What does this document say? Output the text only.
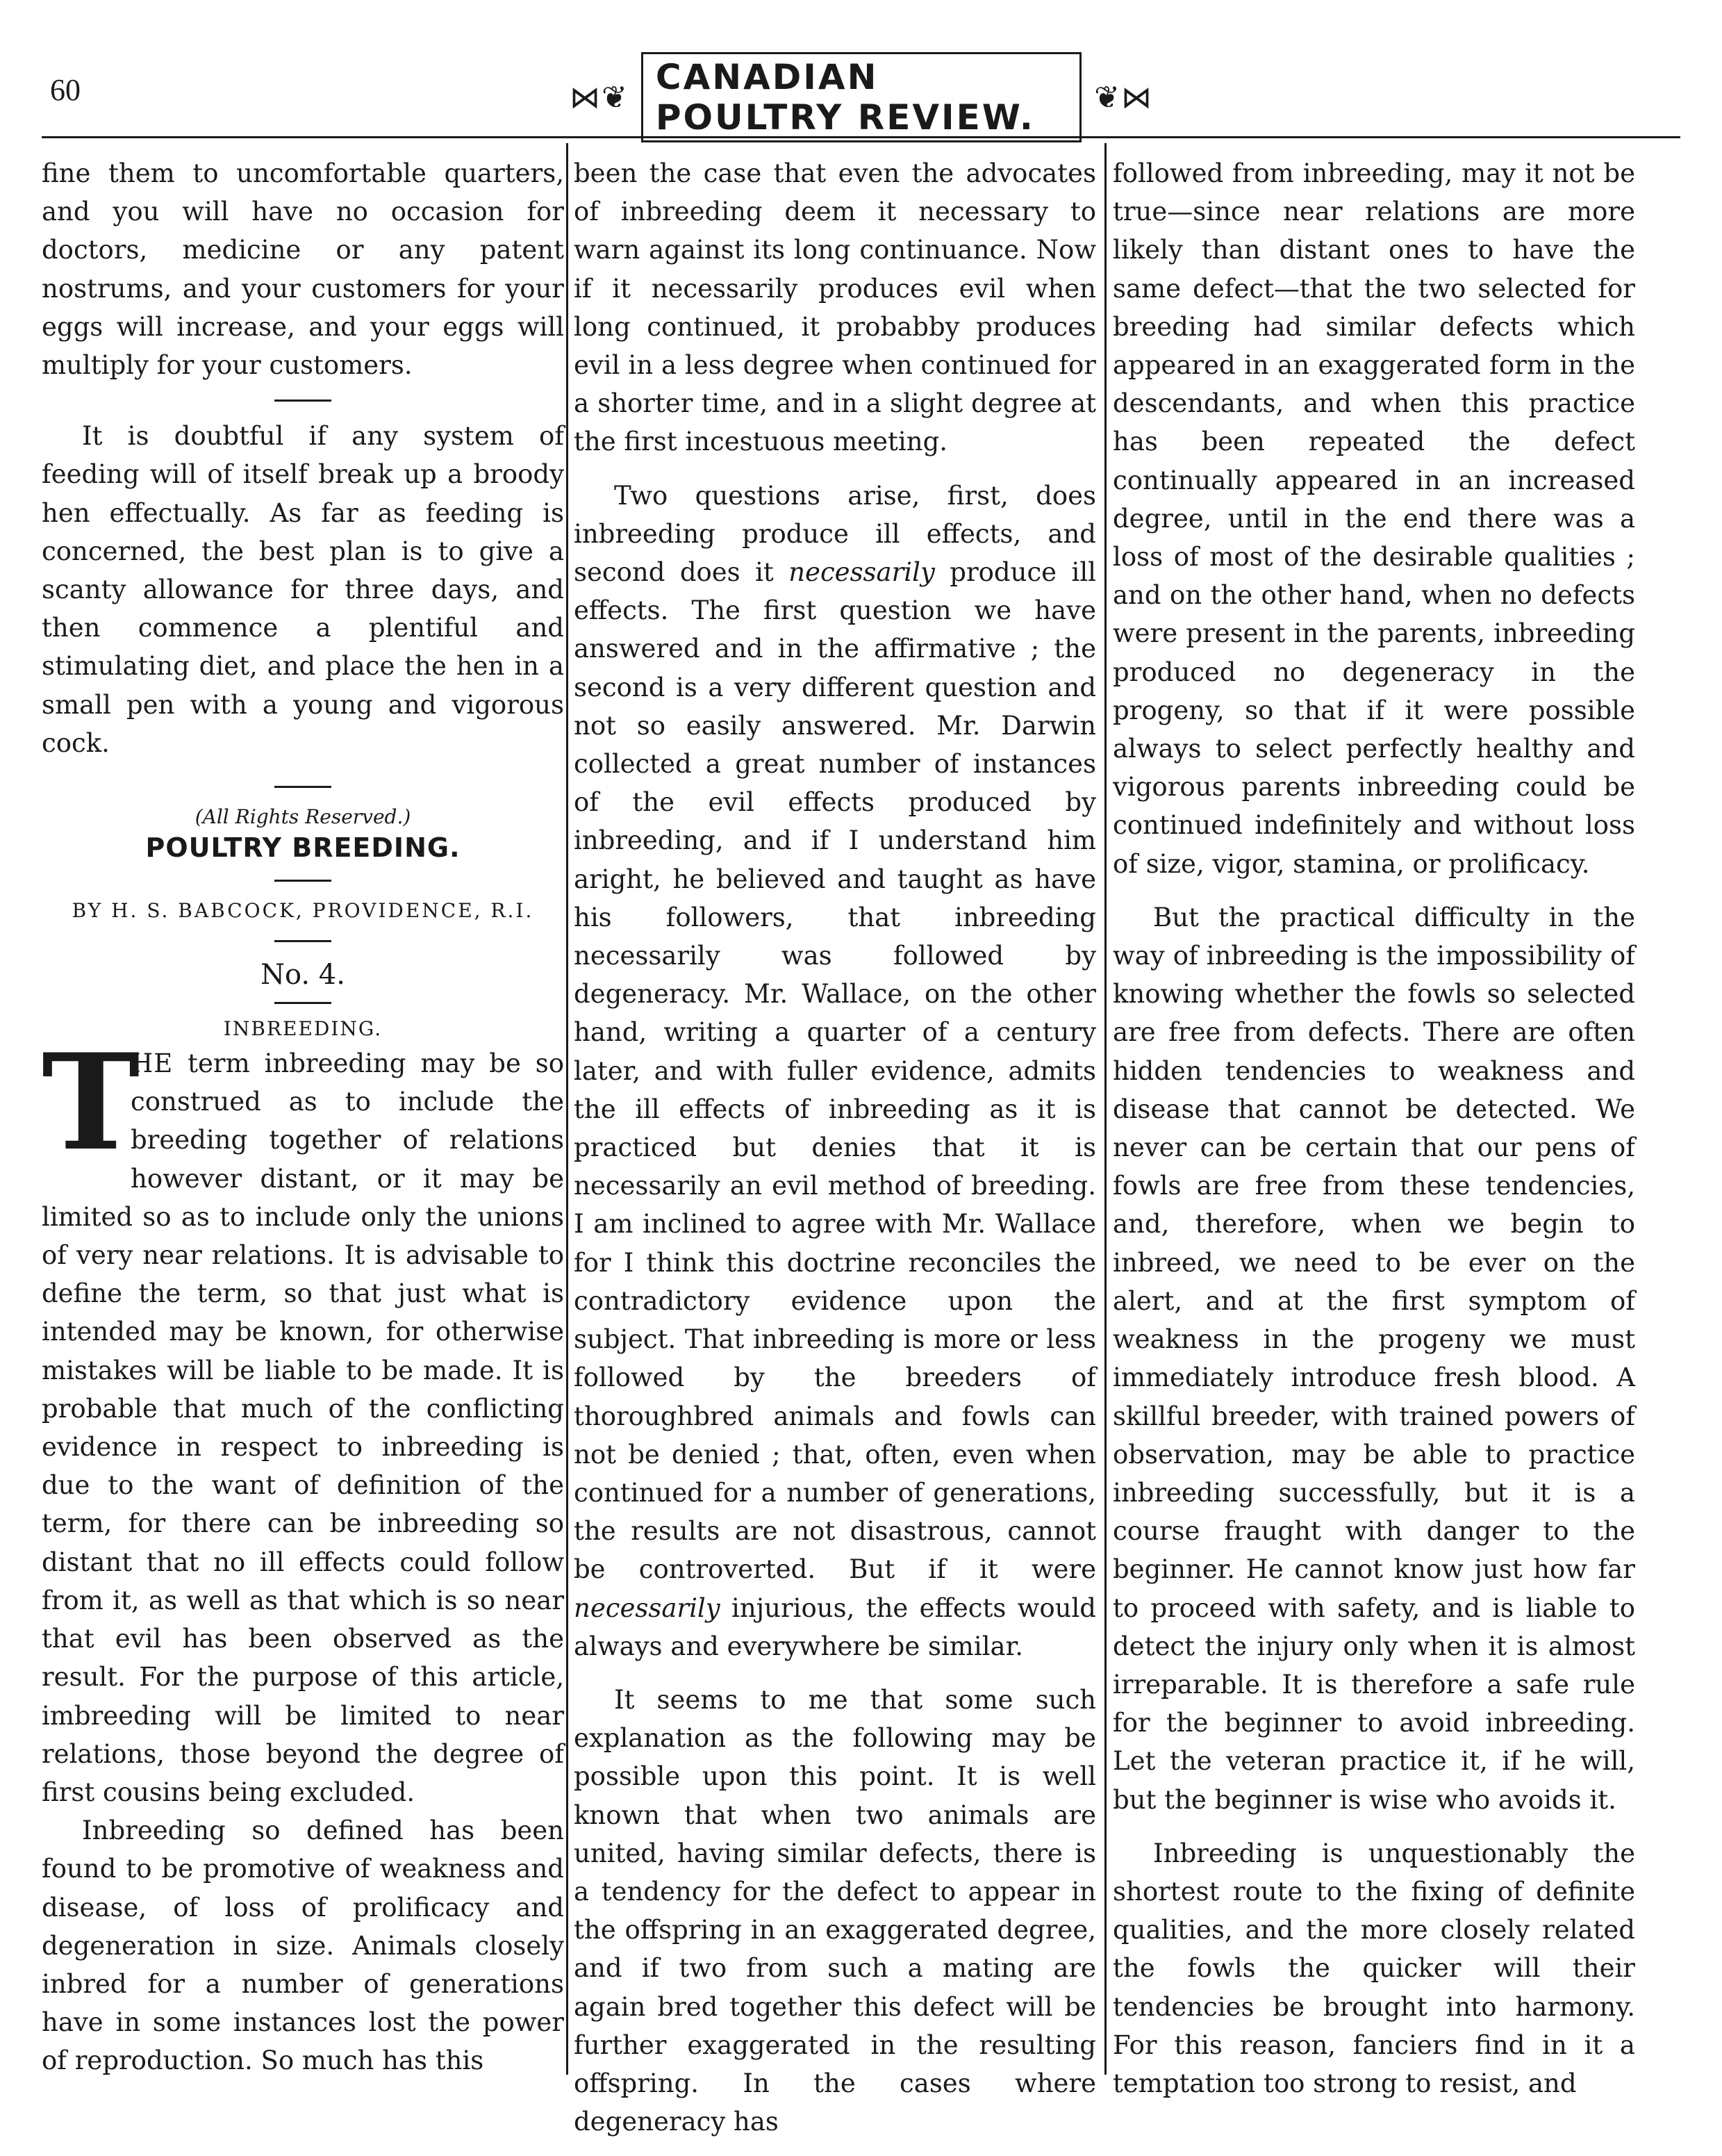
60	⋈❦ CANADIAN POULTRY REVIEW.	❦⋈

fine them to uncomfortable quarters, and you will have no occasion for doctors, medicine or any patent nostrums, and your customers for your eggs will increase, and your eggs will multiply for your customers.

It is doubtful if any system of feeding will of itself break up a broody hen effectually. As far as feeding is concerned, the best plan is to give a scanty allowance for three days, and then commence a plentiful and stimulating diet, and place the hen in a small pen with a young and vigorous cock.

(All Rights Reserved.)

POULTRY BREEDING.

BY H. S. BABCOCK, PROVIDENCE, R.I.

No. 4.

INBREEDING.

T
HE term inbreeding may be so construed as to include the breeding together of relations however distant, or it may be limited so as to include only the unions of very near relations. It is advisable to define the term, so that just what is intended may be known, for otherwise mistakes will be liable to be made. It is probable that much of the conflicting evidence in respect to inbreeding is due to the want of definition of the term, for there can be inbreeding so distant that no ill effects could follow from it, as well as that which is so near that evil has been observed as the result. For the purpose of this article, imbreeding will be limited to near relations, those beyond the degree of first cousins being excluded.

Inbreeding so defined has been found to be promotive of weakness and disease, of loss of prolificacy and degeneration in size. Animals closely inbred for a number of generations have in some instances lost the power of reproduction. So much has this

been the case that even the advocates of inbreeding deem it necessary to warn against its long continuance. Now if it necessarily produces evil when long continued, it probabby produces evil in a less degree when continued for a shorter time, and in a slight degree at the first incestuous meeting.

Two questions arise, first, does inbreeding produce ill effects, and second does it necessarily produce ill effects. The first question we have answered and in the affirmative ; the second is a very different question and not so easily answered. Mr. Darwin collected a great number of instances of the evil effects produced by inbreeding, and if I understand him aright, he believed and taught as have his followers, that inbreeding necessarily was followed by degeneracy. Mr. Wallace, on the other hand, writing a quarter of a century later, and with fuller evidence, admits the ill effects of inbreeding as it is practiced but denies that it is necessarily an evil method of breeding. I am inclined to agree with Mr. Wallace for I think this doctrine reconciles the contradictory evidence upon the subject. That inbreeding is more or less followed by the breeders of thoroughbred animals and fowls can not be denied ; that, often, even when continued for a number of generations, the results are not disastrous, cannot be controverted. But if it were necessarily injurious, the effects would always and everywhere be similar.

It seems to me that some such explanation as the following may be possible upon this point. It is well known that when two animals are united, having similar defects, there is a tendency for the defect to appear in the offspring in an exaggerated degree, and if two from such a mating are again bred together this defect will be further exaggerated in the resulting offspring. In the cases where degeneracy has

followed from inbreeding, may it not be true—since near relations are more likely than distant ones to have the same defect—that the two selected for breeding had similar defects which appeared in an exaggerated form in the descendants, and when this practice has been repeated the defect continually appeared in an increased degree, until in the end there was a loss of most of the desirable qualities ; and on the other hand, when no defects were present in the parents, inbreeding produced no degeneracy in the progeny, so that if it were possible always to select perfectly healthy and vigorous parents inbreeding could be continued indefinitely and without loss of size, vigor, stamina, or prolificacy.

But the practical difficulty in the way of inbreeding is the impossibility of knowing whether the fowls so selected are free from defects. There are often hidden tendencies to weakness and disease that cannot be detected. We never can be certain that our pens of fowls are free from these tendencies, and, therefore, when we begin to inbreed, we need to be ever on the alert, and at the first symptom of weakness in the progeny we must immediately introduce fresh blood. A skillful breeder, with trained powers of observation, may be able to practice inbreeding successfully, but it is a course fraught with danger to the beginner. He cannot know just how far to proceed with safety, and is liable to detect the injury only when it is almost irreparable. It is therefore a safe rule for the beginner to avoid inbreeding. Let the veteran practice it, if he will, but the beginner is wise who avoids it.

Inbreeding is unquestionably the shortest route to the fixing of definite qualities, and the more closely related the fowls the quicker will their tendencies be brought into harmony. For this reason, fanciers find in it a temptation too strong to resist, and
